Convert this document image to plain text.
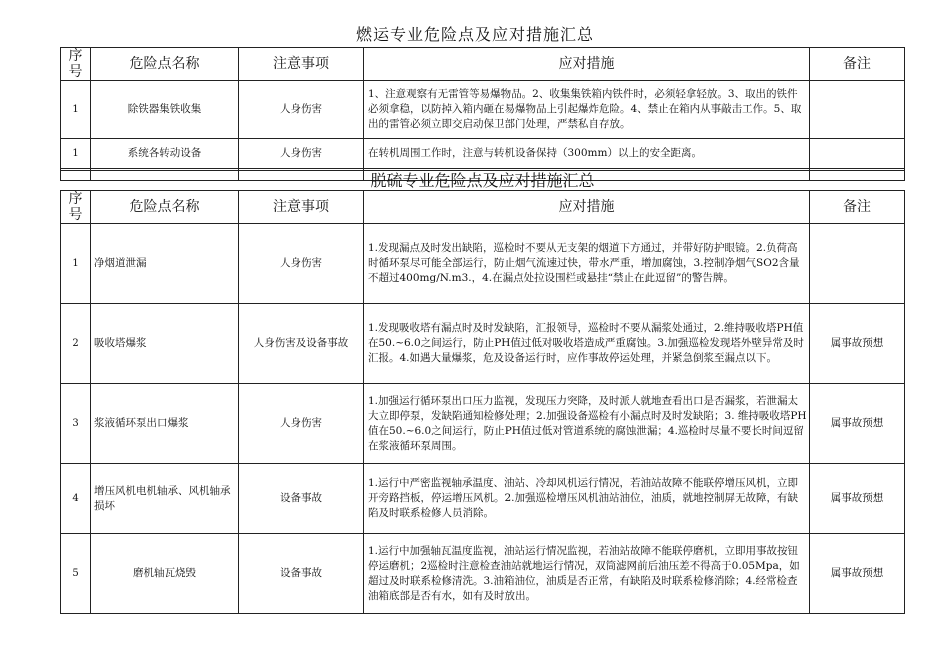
燃运专业危险点及应对措施汇总
序号	危险点名称	注意事项	应对措施	备注
1	除铁器集铁收集	人身伤害	1、注意观察有无雷管等易爆物品。2、收集集铁箱内铁件时，必须轻拿轻放。3、取出的铁件必须拿稳，以防掉入箱内砸在易爆物品上引起爆炸危险。4、禁止在箱内从事敲击工作。5、取出的雷管必须立即交启动保卫部门处理，严禁私自存放。	
1	系统各转动设备	人身伤害	在转机周围工作时，注意与转机设备保持（300mm）以上的安全距离。	

脱硫专业危险点及应对措施汇总				
序号	危险点名称	注意事项	应对措施	备注
1	净烟道泄漏	人身伤害	1.发现漏点及时发出缺陷，巡检时不要从无支架的烟道下方通过，并带好防护眼镜。2.负荷高时循环泵尽可能全部运行，防止烟气流速过快，带水严重，增加腐蚀，3.控制净烟气SO2含量不超过400mg/N.m3.，4.在漏点处拉设围栏或悬挂“禁止在此逗留”的警告牌。	
2	吸收塔爆浆	人身伤害及设备事故	1.发现吸收塔有漏点时及时发缺陷，汇报领导，巡检时不要从漏浆处通过，2.维持吸收塔PH值在50.~6.0之间运行，防止PH值过低对吸收塔造成严重腐蚀。3.加强巡检发现塔外壁异常及时汇报。4.如遇大量爆浆，危及设备运行时，应作事故停运处理，并紧急倒浆至漏点以下。	属事故预想
3	浆液循环泵出口爆浆	人身伤害	1.加强运行循环泵出口压力监视，发现压力突降，及时派人就地查看出口是否漏浆，若泄漏太大立即停泵，发缺陷通知检修处理；2.加强设备巡检有小漏点时及时发缺陷；3. 维持吸收塔PH值在50.~6.0之间运行，防止PH值过低对管道系统的腐蚀泄漏；4.巡检时尽量不要长时间逗留在浆液循环泵周围。	属事故预想
4	增压风机电机轴承、风机轴承损坏	设备事故	1.运行中严密监视轴承温度、油站、冷却风机运行情况，若油站故障不能联停增压风机，立即开旁路挡板，停运增压风机。2.加强巡检增压风机油站油位，油质，就地控制屏无故障，有缺陷及时联系检修人员消除。	属事故预想
5	磨机轴瓦烧毁	设备事故	1.运行中加强轴瓦温度监视，油站运行情况监视，若油站故障不能联停磨机，立即用事故按钮停运磨机；2巡检时注意检查油站就地运行情况，双筒滤网前后油压差不得高于0.05Mpa，如超过及时联系检修清洗。3.油箱油位，油质是否正常，有缺陷及时联系检修消除；4.经常检查油箱底部是否有水，如有及时放出。	属事故预想
